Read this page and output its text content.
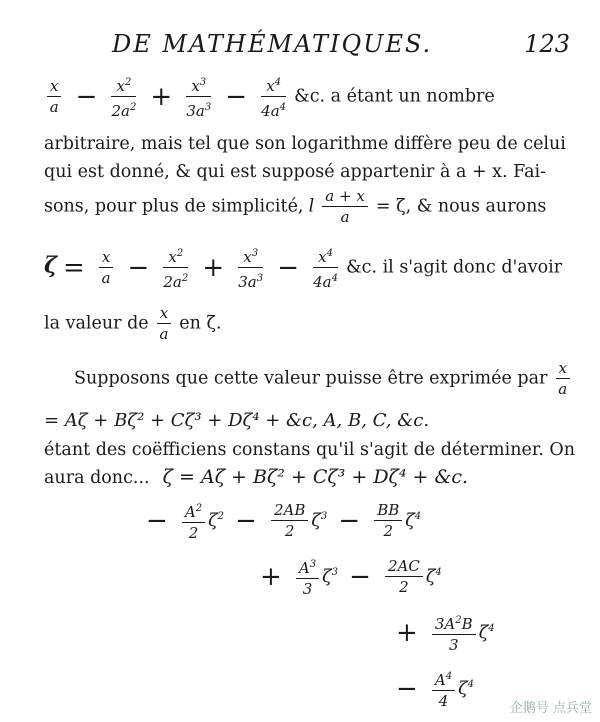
DE MATHÉMATIQUES.	123
$\frac{x}{a} - \frac{x^2}{2a^2} + \frac{x^3}{3a^3} - \frac{x^4}{4a^4}$ &c. a étant un nombre
arbitraire, mais tel que son logarithme diffère peu de celui
qui est donné, & qui est supposé appartenir à a + x. Fai-
sons, pour plus de simplicité, l $\frac{a + x}{a} = \zeta$, & nous aurons
$\zeta = \frac{x}{a} - \frac{x^2}{2a^2} + \frac{x^3}{3a^3} - \frac{x^4}{4a^4}$ &c. il s'agit donc d'avoir
la valeur de $\frac{x}{a}$ en ζ.
Supposons que cette valeur puisse être exprimée par $\frac{x}{a}$
= Aζ + Bζ² + Cζ³ + Dζ⁴ + &c, A, B, C, &c.
étant des coëfficiens constans qu'il s'agit de déterminer. On
aura donc... ζ = Aζ + Bζ² + Cζ³ + Dζ⁴ + &c.
− $\frac{A^2}{2} \zeta^2 - \frac{2AB}{2} \zeta^3 - \frac{BB}{2} \zeta^4$
+ $\frac{A^3}{3} \zeta^3 - \frac{2AC}{2} \zeta^4$
+ $\frac{3A^2B}{3} \zeta^4$
− $\frac{A^4}{4} \zeta^4$
企鹅号 点兵堂
